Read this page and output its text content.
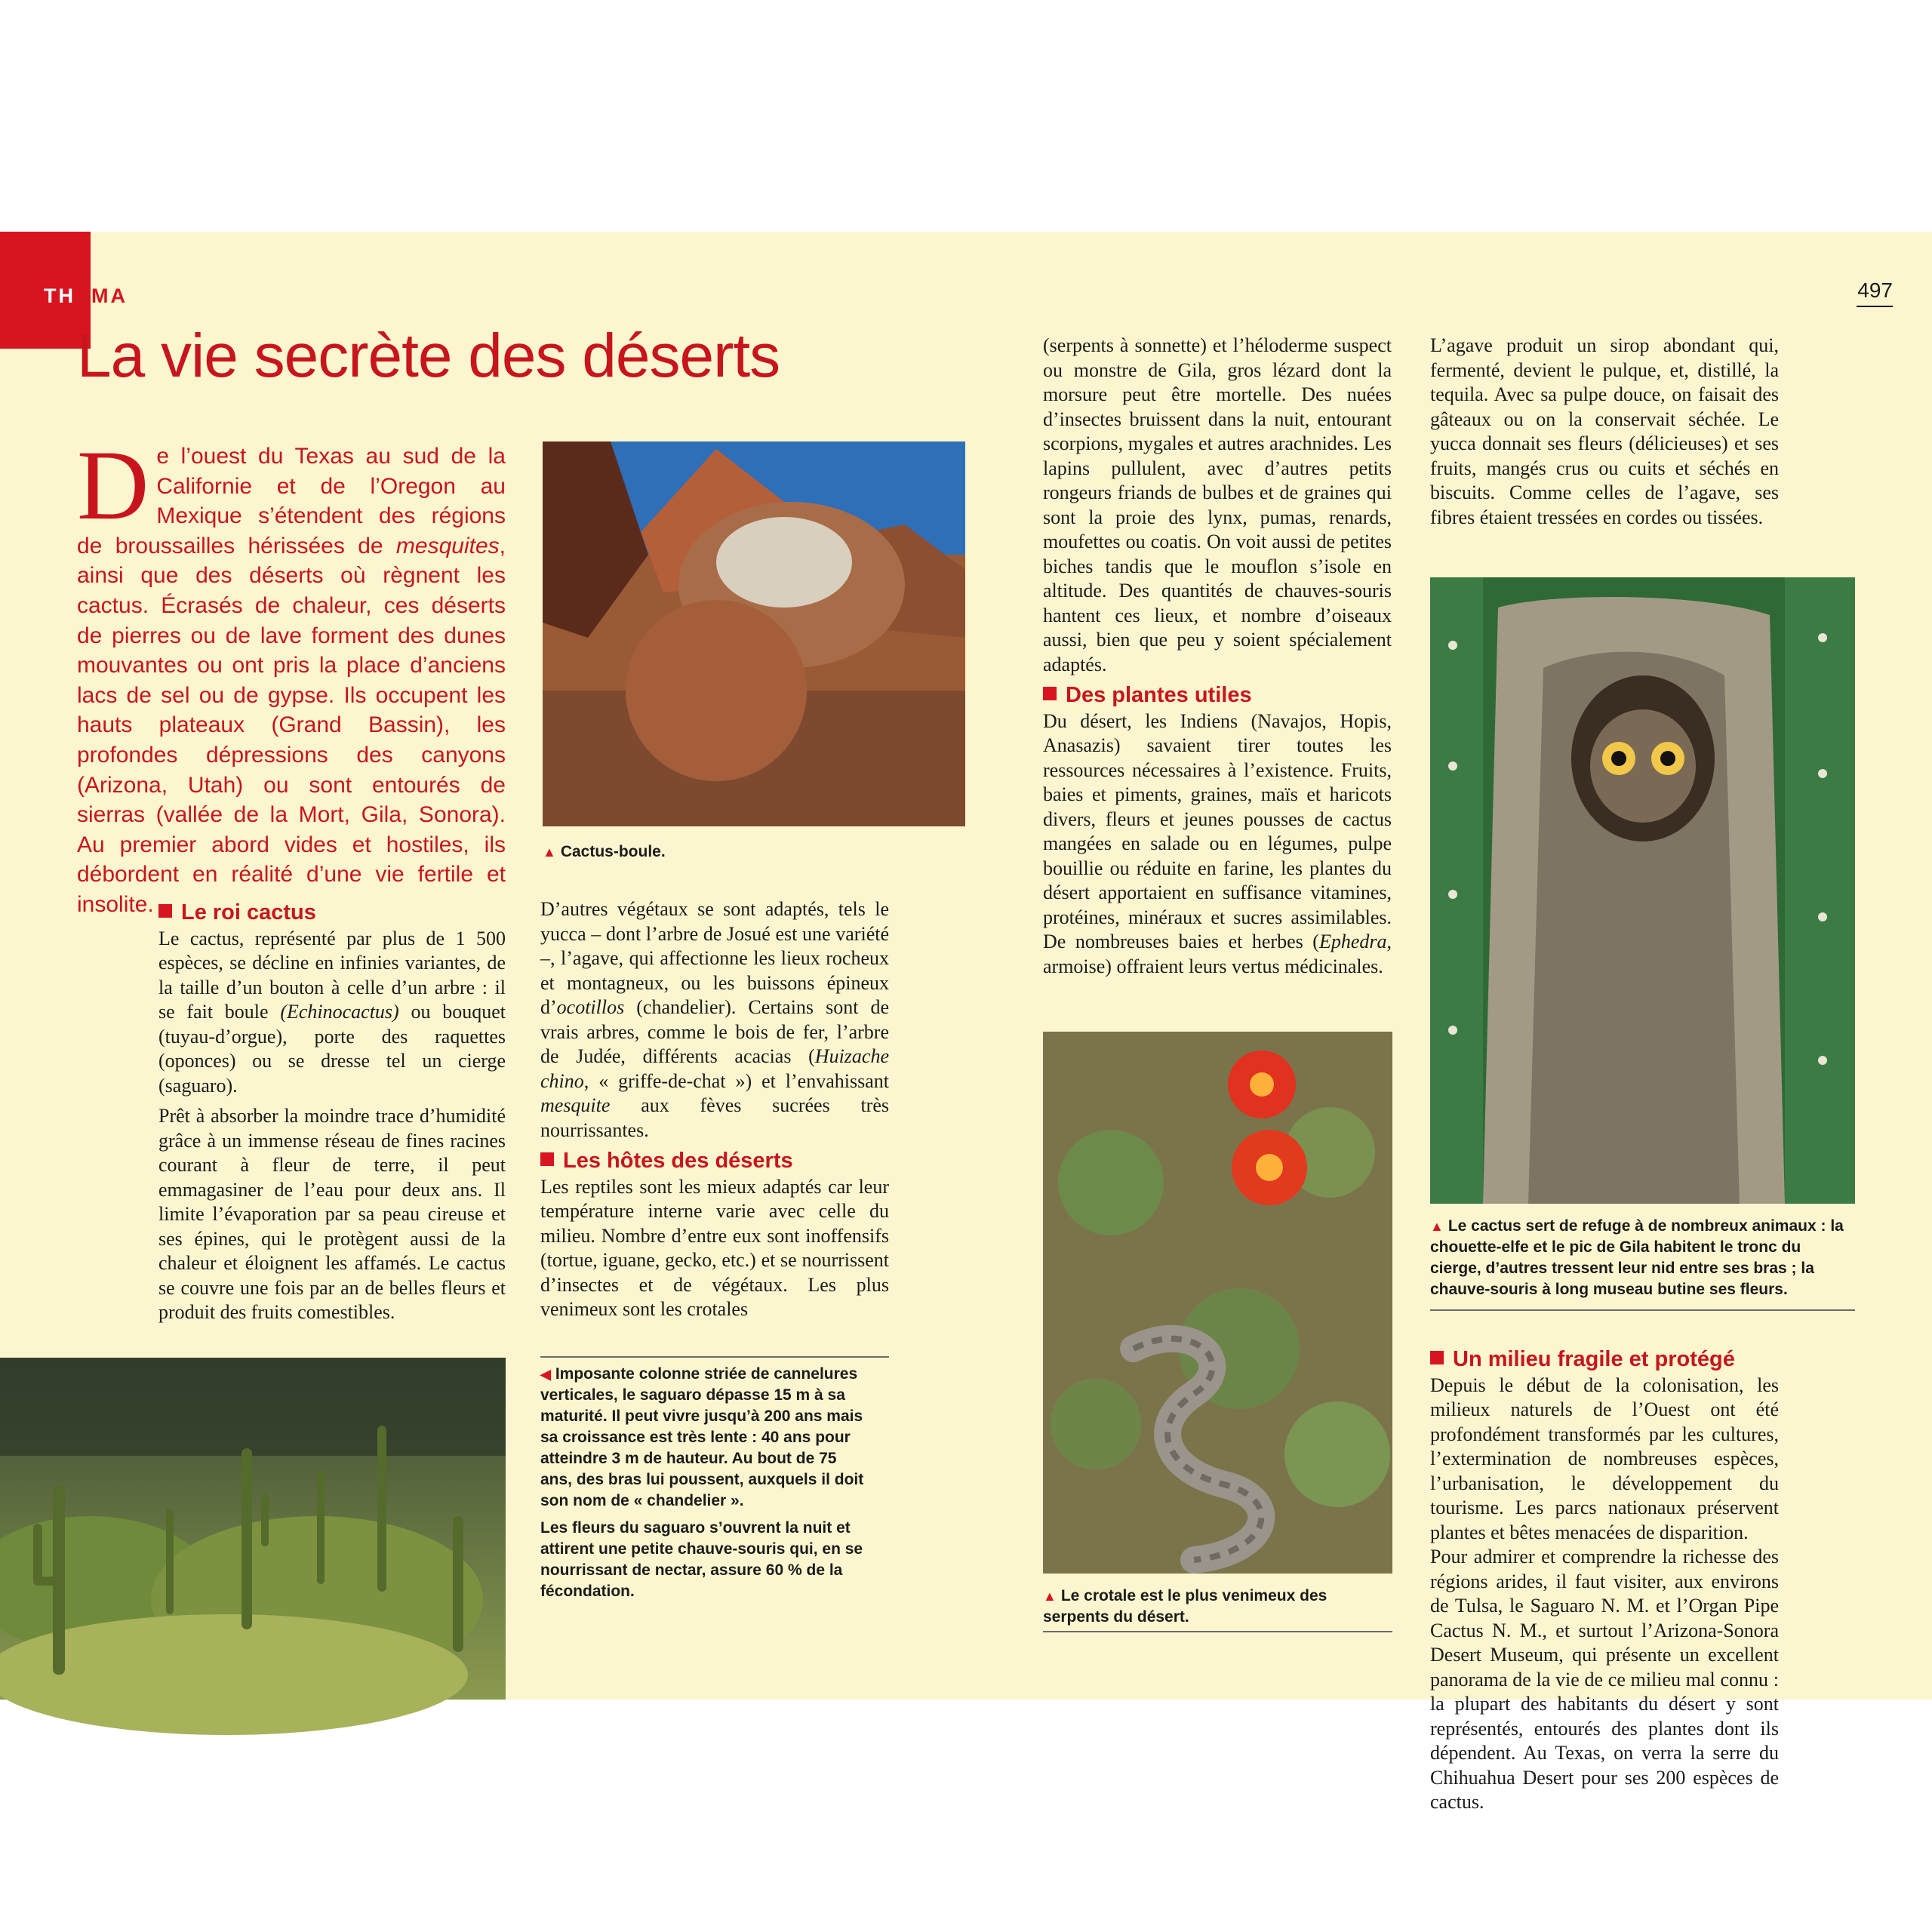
THÉMA	497
La vie secrète des déserts
De l’ouest du Texas au sud de la Californie et de l’Oregon au Mexique s’étendent des régions de broussailles hérissées de mesquites, ainsi que des déserts où règnent les cactus. Écrasés de chaleur, ces déserts de pierres ou de lave forment des dunes mouvantes ou ont pris la place d’anciens lacs de sel ou de gypse. Ils occupent les hauts plateaux (Grand Bassin), les profondes dépressions des canyons (Arizona, Utah) ou sont entourés de sierras (vallée de la Mort, Gila, Sonora). Au premier abord vides et hostiles, ils débordent en réalité d’une vie fertile et insolite.	Le roi cactus

Le cactus, représenté par plus de 1 500 espèces, se décline en infinies variantes, de la taille d’un bouton à celle d’un arbre : il se fait boule (Echinocactus) ou bouquet (tuyau-d’orgue), porte des raquettes (oponces) ou se dresse tel un cierge (saguaro).

Prêt à absorber la moindre trace d’humidité grâce à un immense réseau de fines racines courant à fleur de terre, il peut emmagasiner de l’eau pour deux ans. Il limite l’évaporation par sa peau cireuse et ses épines, qui le protègent aussi de la chaleur et éloignent les affamés. Le cactus se couvre une fois par an de belles fleurs et produit des fruits comestibles.

▲ Cactus-boule.

D’autres végétaux se sont adaptés, tels le yucca – dont l’arbre de Josué est une variété –, l’agave, qui affectionne les lieux rocheux et montagneux, ou les buissons épineux d’ocotillos (chandelier). Certains sont de vrais arbres, comme le bois de fer, l’arbre de Judée, différents acacias (Huizache chino, « griffe-de-chat ») et l’envahissant mesquite aux fèves sucrées très nourrissantes.

Les hôtes des déserts

Les reptiles sont les mieux adaptés car leur température interne varie avec celle du milieu. Nombre d’entre eux sont inoffensifs (tortue, iguane, gecko, etc.) et se nourrissent d’insectes et de végétaux. Les plus venimeux sont les crotales

◀ Imposante colonne striée de cannelures verticales, le saguaro dépasse 15 m à sa maturité. Il peut vivre jusqu’à 200 ans mais sa croissance est très lente : 40 ans pour atteindre 3 m de hauteur. Au bout de 75 ans, des bras lui poussent, auxquels il doit son nom de « chandelier ».

Les fleurs du saguaro s’ouvrent la nuit et attirent une petite chauve-souris qui, en se nourrissant de nectar, assure 60 % de la fécondation.

(serpents à sonnette) et l’héloderme suspect ou monstre de Gila, gros lézard dont la morsure peut être mortelle. Des nuées d’insectes bruissent dans la nuit, entourant scorpions, mygales et autres arachnides. Les lapins pullulent, avec d’autres petits rongeurs friands de bulbes et de graines qui sont la proie des lynx, pumas, renards, moufettes ou coatis. On voit aussi de petites biches tandis que le mouflon s’isole en altitude. Des quantités de chauves-souris hantent ces lieux, et nombre d’oiseaux aussi, bien que peu y soient spécialement adaptés.

Des plantes utiles

Du désert, les Indiens (Navajos, Hopis, Anasazis) savaient tirer toutes les ressources nécessaires à l’existence. Fruits, baies et piments, graines, maïs et haricots divers, fleurs et jeunes pousses de cactus mangées en salade ou en légumes, pulpe bouillie ou réduite en farine, les plantes du désert apportaient en suffisance vitamines, protéines, minéraux et sucres assimilables. De nombreuses baies et herbes (Ephedra, armoise) offraient leurs vertus médicinales.

▲ Le crotale est le plus venimeux des serpents du désert.

L’agave produit un sirop abondant qui, fermenté, devient le pulque, et, distillé, la tequila. Avec sa pulpe douce, on faisait des gâteaux ou on la conservait séchée. Le yucca donnait ses fleurs (délicieuses) et ses fruits, mangés crus ou cuits et séchés en biscuits. Comme celles de l’agave, ses fibres étaient tressées en cordes ou tissées.

▲ Le cactus sert de refuge à de nombreux animaux : la chouette-elfe et le pic de Gila habitent le tronc du cierge, d’autres tressent leur nid entre ses bras ; la chauve-souris à long museau butine ses fleurs.
Un milieu fragile et protégé

Depuis le début de la colonisation, les milieux naturels de l’Ouest ont été profondément transformés par les cultures, l’extermination de nombreuses espèces, l’urbanisation, le développement du tourisme. Les parcs nationaux préservent plantes et bêtes menacées de disparition.

Pour admirer et comprendre la richesse des régions arides, il faut visiter, aux environs de Tulsa, le Saguaro N. M. et l’Organ Pipe Cactus N. M., et surtout l’Arizona-Sonora Desert Museum, qui présente un excellent panorama de la vie de ce milieu mal connu : la plupart des habitants du désert y sont représentés, entourés des plantes dont ils dépendent. Au Texas, on verra la serre du Chihuahua Desert pour ses 200 espèces de cactus.
